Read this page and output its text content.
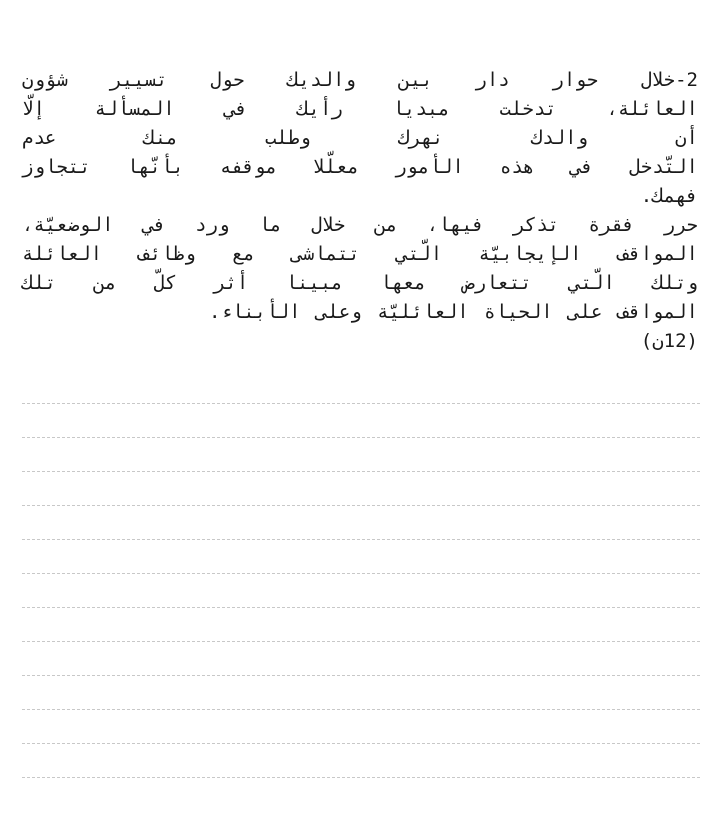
2-خلال حوار دار بين والديك حول تسيير شؤون
العائلة، تدخلت مبديا رأيك في المسألة إلّا
أن والدك نهرك وطلب منك عدم
التّدخل في هذه الأمور معلّلا موقفه بأنّها تتجاوز
فهمك.
حرر فقرة تذكر فيها، من خلال ما ورد في الوضعيّة،
المواقف الإيجابيّة الّتي تتماشى مع وظائف العائلة
وتلك الّتي تتعارض معها مبينا أثر كلّ من تلك
المواقف على الحياة العائليّة وعلى الأبناء.
(12ن)
